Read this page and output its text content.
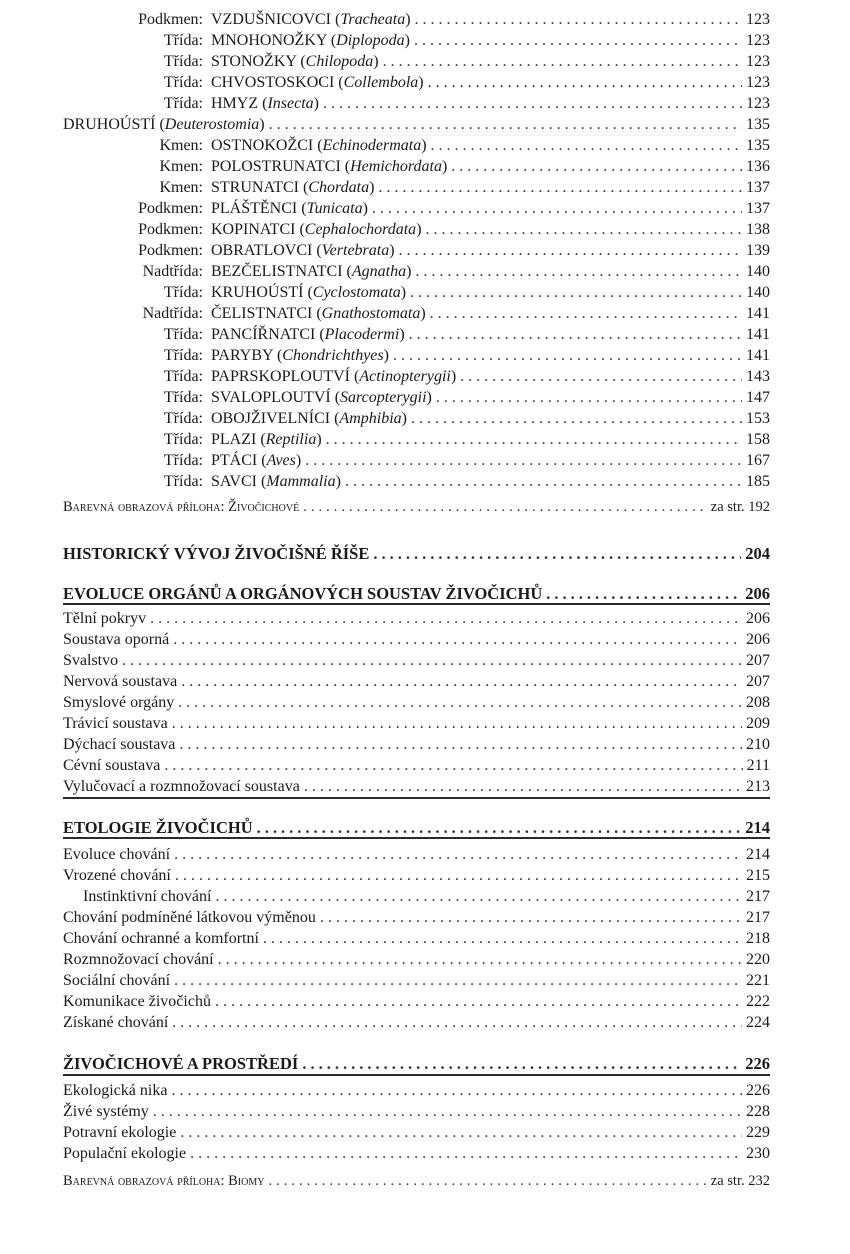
Podkmen: VZDUŠNICOVCI (Tracheata) .....	123
Třída: MNOHONOŽKY (Diplopoda) .....	123
Třída: STONOŽKY (Chilopoda) .....	123
Třída: CHVOSTOSKOCI (Collembola) .....	123
Třída: HMYZ (Insecta) .....	123
DRUHOÚSTÍ (Deuterostomia) .....	135
Kmen: OSTNOKOŽCI (Echinodermata) .....	135
Kmen: POLOSTRUNATCI (Hemichordata) .....	136
Kmen: STRUNATCI (Chordata) .....	137
Podkmen: PLÁŠTĚNCI (Tunicata) .....	137
Podkmen: KOPINATCI (Cephalochordata) .....	138
Podkmen: OBRATLOVCI (Vertebrata) .....	139
Nadtřída: BEZČELISTNATCI (Agnatha) .....	140
Třída: KRUHOÚSTÍ (Cyclostomata) .....	140
Nadtřída: ČELISTNATCI (Gnathostomata) .....	141
Třída: PANCÍŘNATCI (Placodermi) .....	141
Třída: PARYBY (Chondrichthyes) .....	141
Třída: PAPRSKOPLOUTVÍ (Actinopterygii) .....	143
Třída: SVALOPLOUTVÍ (Sarcopterygii) .....	147
Třída: OBOJŽIVELNÍCI (Amphibia) .....	153
Třída: PLAZI (Reptilia) .....	158
Třída: PTÁCI (Aves) .....	167
Třída: SAVCI (Mammalia) .....	185
Barevná obrazová příloha: Živočichové .....	za str. 192
HISTORICKÝ VÝVOJ ŽIVOČIŠNÉ ŘÍŠE .....	204
EVOLUCE ORGÁNŮ A ORGÁNOVÝCH SOUSTAV ŽIVOČICHŮ .....	206
Tělní pokryv .....	206
Soustava oporná .....	206
Svalstvo .....	207
Nervová soustava .....	207
Smyslové orgány .....	208
Trávicí soustava .....	209
Dýchací soustava .....	210
Cévní soustava .....	211
Vylučovací a rozmnožovací soustava .....	213
ETOLOGIE ŽIVOČICHŮ .....	214
Evoluce chování .....	214
Vrozené chování .....	215
Instinktivní chování .....	217
Chování podmíněné látkovou výměnou .....	217
Chování ochranné a komfortní .....	218
Rozmnožovací chování .....	220
Sociální chování .....	221
Komunikace živočichů .....	222
Získané chování .....	224
ŽIVOČICHOVÉ A PROSTŘEDÍ .....	226
Ekologická nika .....	226
Živé systémy .....	228
Potravní ekologie .....	229
Populační ekologie .....	230
Barevná obrazová příloha: Biomy .....	za str. 232
